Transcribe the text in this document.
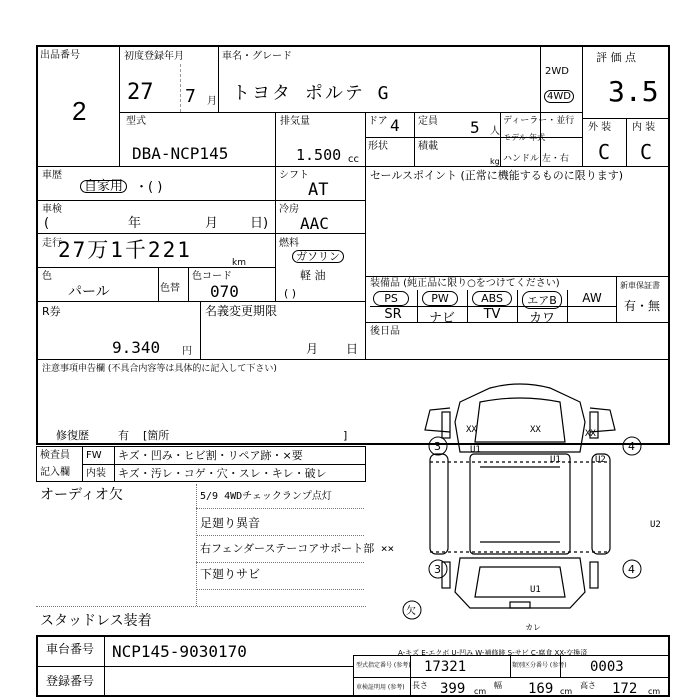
出品番号
2
初度登録年月
27 7 月
車名・グレード
トヨタ ポルテ G
2WD
4WD
評 価 点
3.5
型式
DBA-NCP145
排気量
1.500 cc
ドア 4 定員 5 人
ディーラー・並行
モデル 年式
形状	積載
kg ハンドル 左・右
外 装 内 装
C C
車歴
自家用 ・( )
車検
(	年	月 日)
走行
27万1千221
km
色
パール	色替
色コード
070
シフト
AT
冷房
AAC
燃料
ガソリン
軽 油
( )
セールスポイント (正常に機能するものに限ります)
装備品 (純正品に限り○をつけてください)	新車保証書
有・無
PS	PW	ABS	エアB	AW
SR	ナビ	TV	カワ
後日品
R券
9.340 円
名義変更期限
月 日
注意事項申告欄 (不具合内容等は具体的に記入して下さい)
修復歴	有 [箇所	]
検査員
記入欄
FW キズ・凹み・ヒビ割・リペア跡・×要
内装 キズ・汚レ・コゲ・穴・スレ・キレ・破レ
オーディオ欠	5/9 4WDチェックランプ点灯
足廻り異音
右フェンダーステーコアサポート部 ××
下廻りサビ
スタッドレス装着
XX	XX	XX
U1
U1	U2
U2
U1
3
3
4
4
欠
カレ
A-キズ E-エクボ U-凹み W-補修跡 S-サビ C-腐食 XX-交換済
車台番号 NCP145-9030170
登録番号
型式指定番号 (参考) 17321	類別区分番号 (参考) 0003
車検証明用 (参考) 長さ 399 cm
幅 169 cm
高さ 172 cm
